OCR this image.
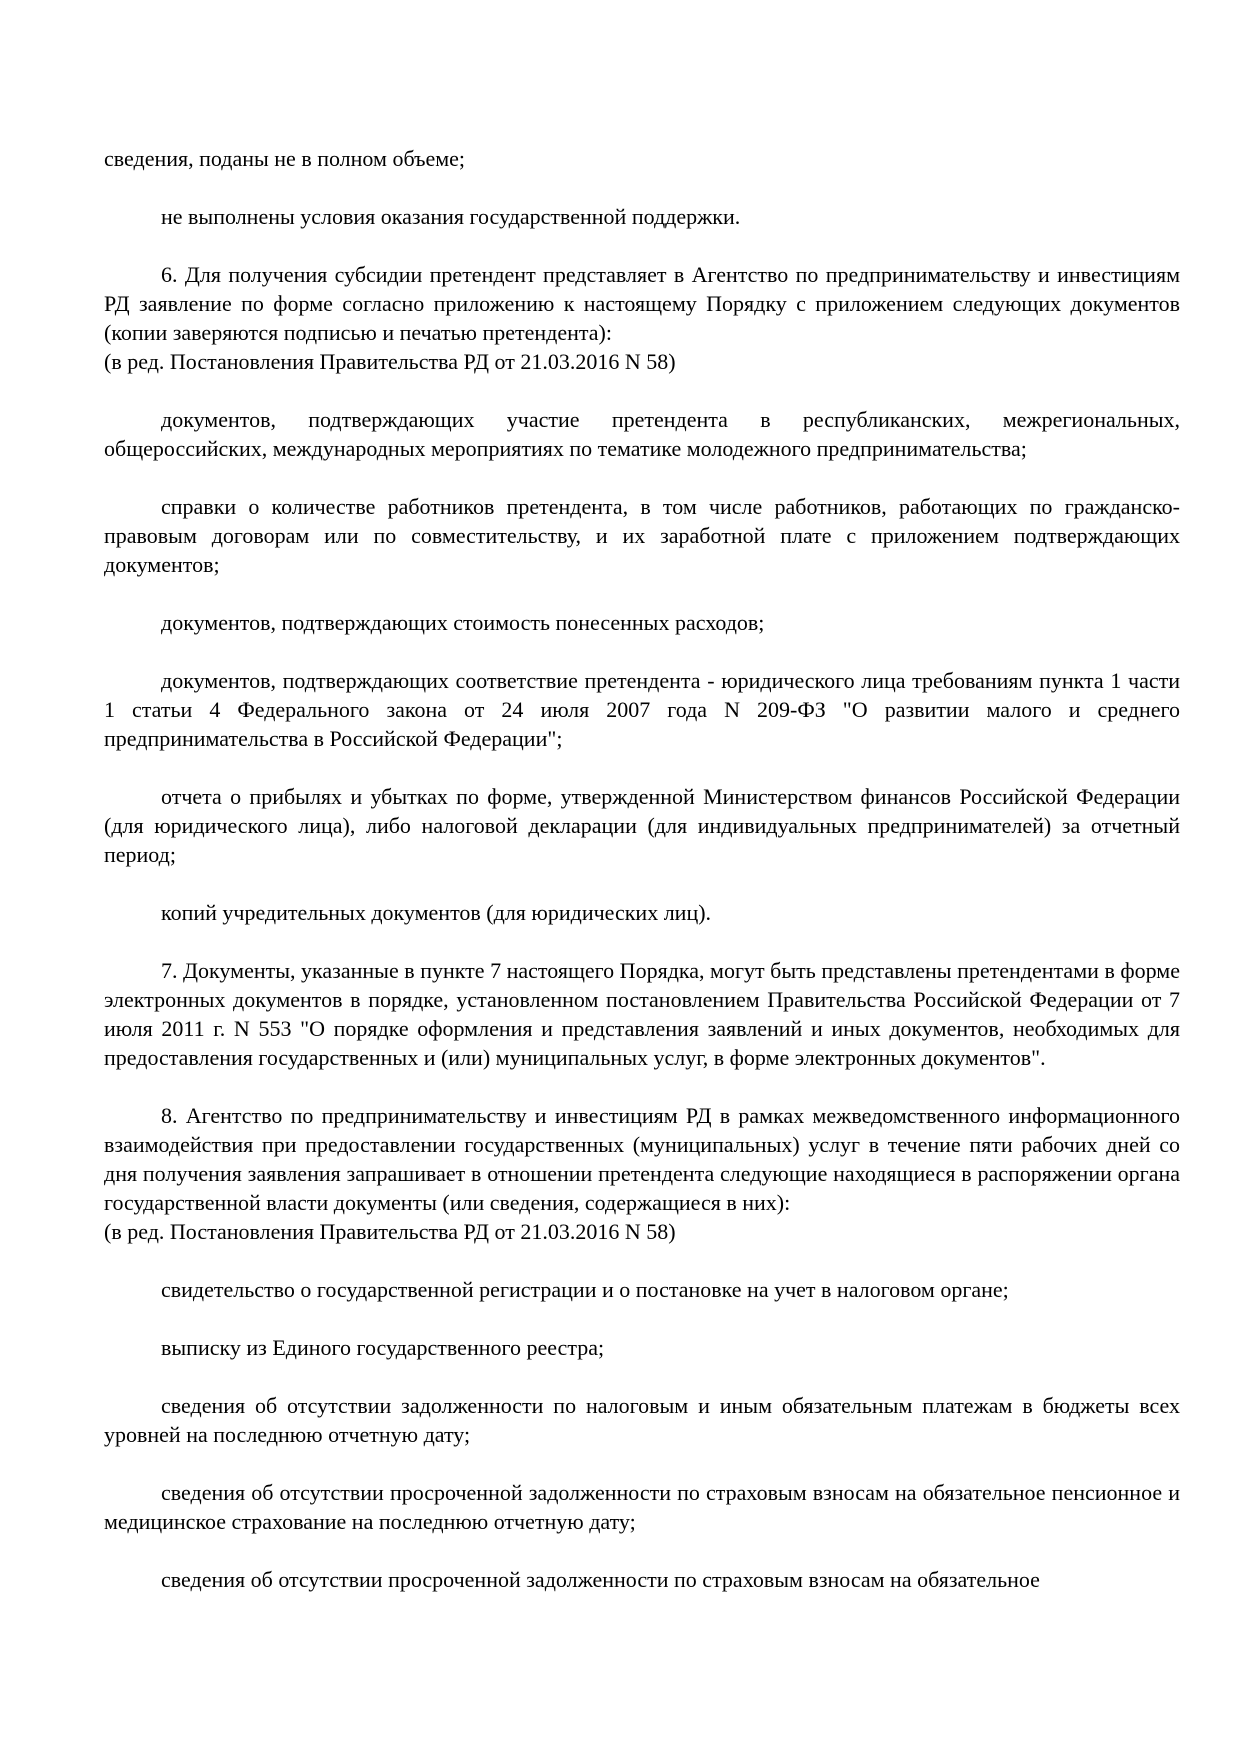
сведения, поданы не в полном объеме;

не выполнены условия оказания государственной поддержки.

6. Для получения субсидии претендент представляет в Агентство по предпринимательству и инвестициям РД заявление по форме согласно приложению к настоящему Порядку с приложением следующих документов (копии заверяются подписью и печатью претендента):

(в ред. Постановления Правительства РД от 21.03.2016 N 58)

документов, подтверждающих участие претендента в республиканских, межрегиональных, общероссийских, международных мероприятиях по тематике молодежного предпринимательства;

справки о количестве работников претендента, в том числе работников, работающих по гражданско-правовым договорам или по совместительству, и их заработной плате с приложением подтверждающих документов;

документов, подтверждающих стоимость понесенных расходов;

документов, подтверждающих соответствие претендента - юридического лица требованиям пункта 1 части 1 статьи 4 Федерального закона от 24 июля 2007 года N 209-ФЗ "О развитии малого и среднего предпринимательства в Российской Федерации";

отчета о прибылях и убытках по форме, утвержденной Министерством финансов Российской Федерации (для юридического лица), либо налоговой декларации (для индивидуальных предпринимателей) за отчетный период;

копий учредительных документов (для юридических лиц).

7. Документы, указанные в пункте 7 настоящего Порядка, могут быть представлены претендентами в форме электронных документов в порядке, установленном постановлением Правительства Российской Федерации от 7 июля 2011 г. N 553 "О порядке оформления и представления заявлений и иных документов, необходимых для предоставления государственных и (или) муниципальных услуг, в форме электронных документов".

8. Агентство по предпринимательству и инвестициям РД в рамках межведомственного информационного взаимодействия при предоставлении государственных (муниципальных) услуг в течение пяти рабочих дней со дня получения заявления запрашивает в отношении претендента следующие находящиеся в распоряжении органа государственной власти документы (или сведения, содержащиеся в них):

(в ред. Постановления Правительства РД от 21.03.2016 N 58)

свидетельство о государственной регистрации и о постановке на учет в налоговом органе;

выписку из Единого государственного реестра;

сведения об отсутствии задолженности по налоговым и иным обязательным платежам в бюджеты всех уровней на последнюю отчетную дату;

сведения об отсутствии просроченной задолженности по страховым взносам на обязательное пенсионное и медицинское страхование на последнюю отчетную дату;

сведения об отсутствии просроченной задолженности по страховым взносам на обязательное
